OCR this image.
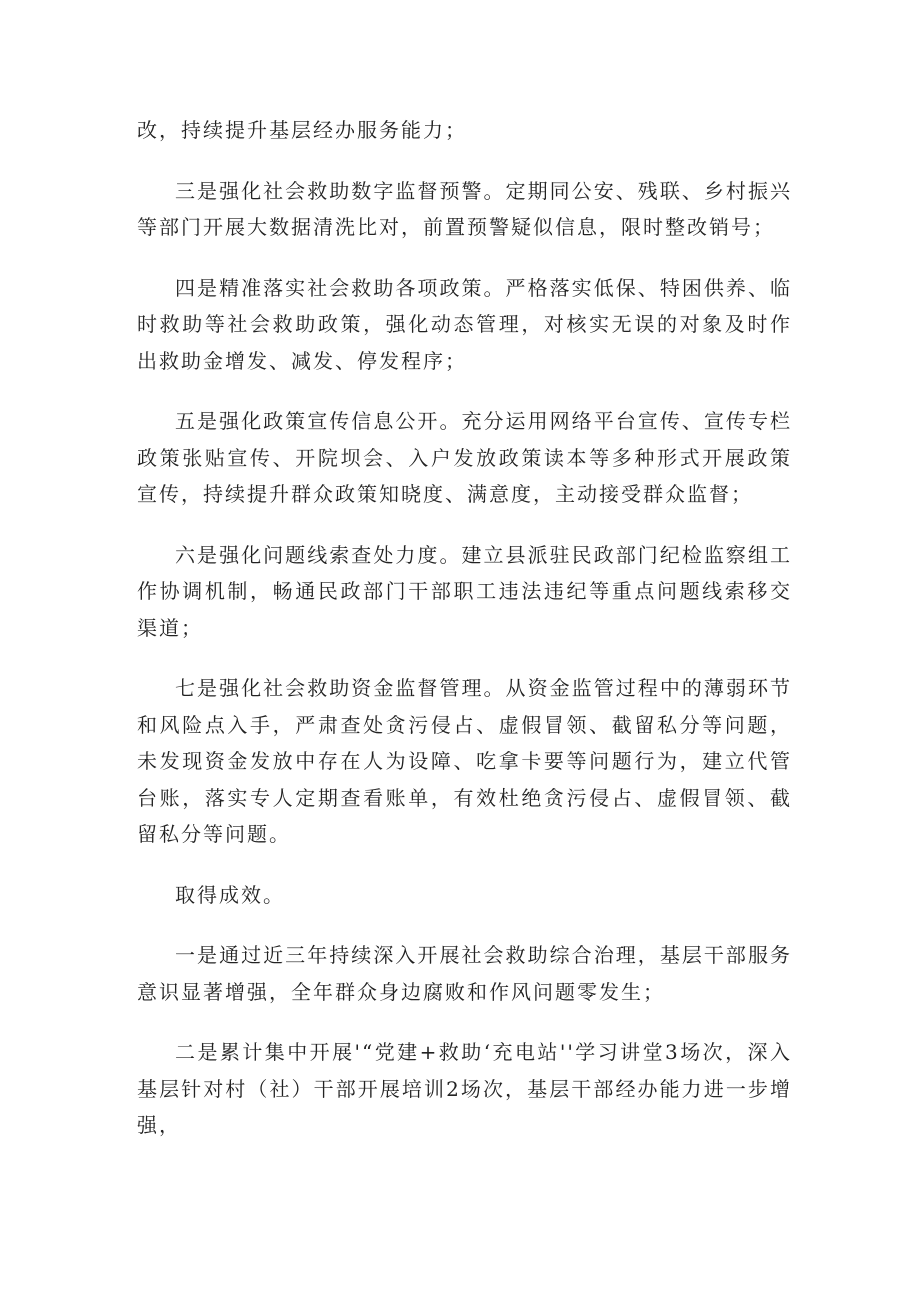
改，持续提升基层经办服务能力；

三是强化社会救助数字监督预警。定期同公安、残联、乡村振兴等部门开展大数据清洗比对，前置预警疑似信息，限时整改销号；

四是精准落实社会救助各项政策。严格落实低保、特困供养、临时救助等社会救助政策，强化动态管理，对核实无误的对象及时作出救助金增发、减发、停发程序；

五是强化政策宣传信息公开。充分运用网络平台宣传、宣传专栏政策张贴宣传、开院坝会、入户发放政策读本等多种形式开展政策宣传，持续提升群众政策知晓度、满意度，主动接受群众监督；

六是强化问题线索查处力度。建立县派驻民政部门纪检监察组工作协调机制，畅通民政部门干部职工违法违纪等重点问题线索移交渠道；

七是强化社会救助资金监督管理。从资金监管过程中的薄弱环节和风险点入手，严肃查处贪污侵占、虚假冒领、截留私分等问题，未发现资金发放中存在人为设障、吃拿卡要等问题行为，建立代管台账，落实专人定期查看账单，有效杜绝贪污侵占、虚假冒领、截留私分等问题。

取得成效。

一是通过近三年持续深入开展社会救助综合治理，基层干部服务意识显著增强，全年群众身边腐败和作风问题零发生；

二是累计集中开展'“党建+救助‘充电站''学习讲堂3场次，深入基层针对村（社）干部开展培训2场次，基层干部经办能力进一步增强，
